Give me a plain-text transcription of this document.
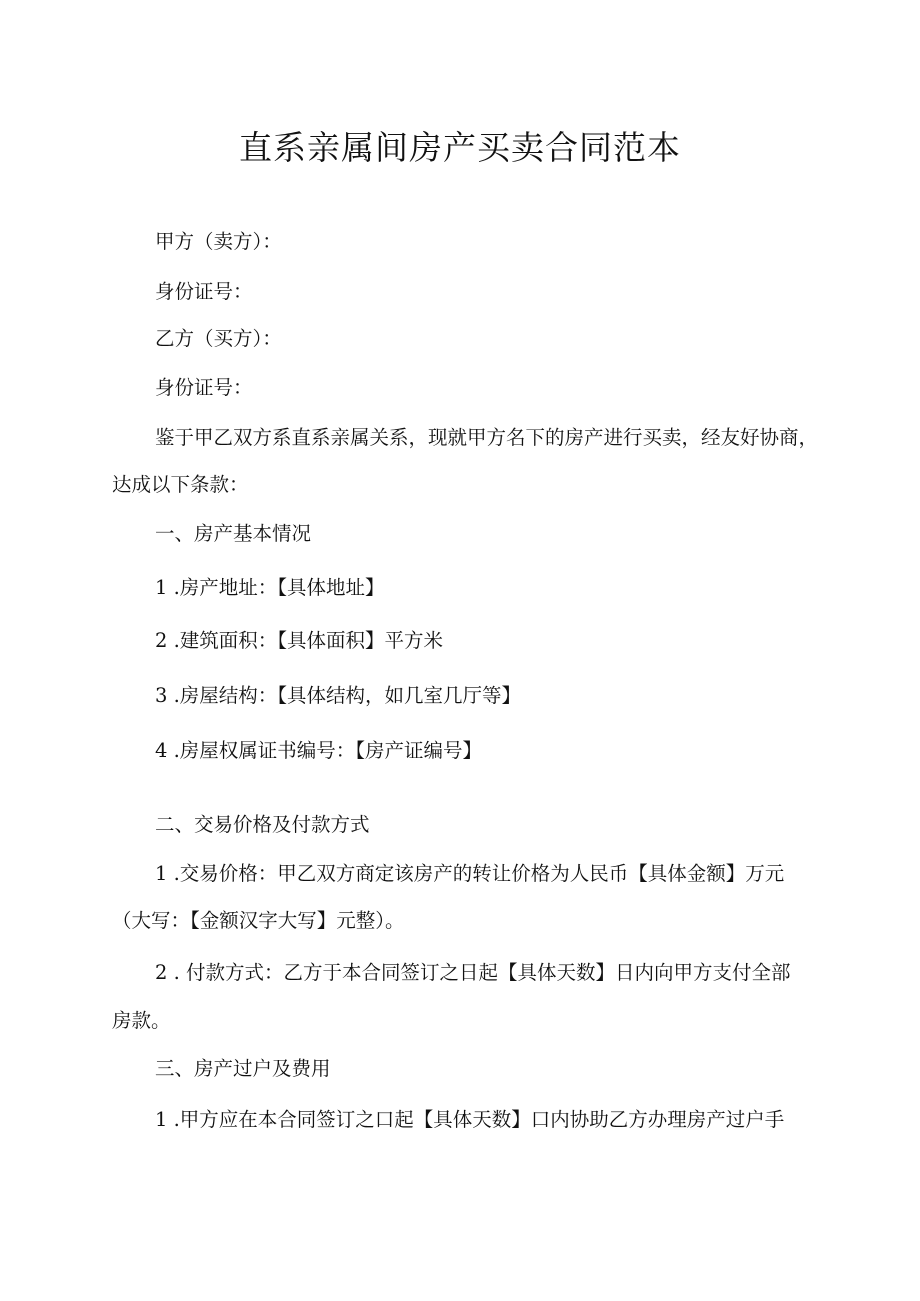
直系亲属间房产买卖合同范本
甲方（卖方）：
身份证号：
乙方（买方）：
身份证号：
鉴于甲乙双方系直系亲属关系，现就甲方名下的房产进行买卖，经友好协商，
达成以下条款：
一、房产基本情况
1 .房产地址：【具体地址】
2 .建筑面积：【具体面积】平方米
3 .房屋结构：【具体结构，如几室几厅等】
4 .房屋权属证书编号：【房产证编号】
二、交易价格及付款方式
1 .交易价格：甲乙双方商定该房产的转让价格为人民币【具体金额】万元
（大写：【金额汉字大写】元整）。
2 . 付款方式：乙方于本合同签订之日起【具体天数】日内向甲方支付全部
房款。
三、房产过户及费用
1 .甲方应在本合同签订之口起【具体天数】口内协助乙方办理房产过户手
